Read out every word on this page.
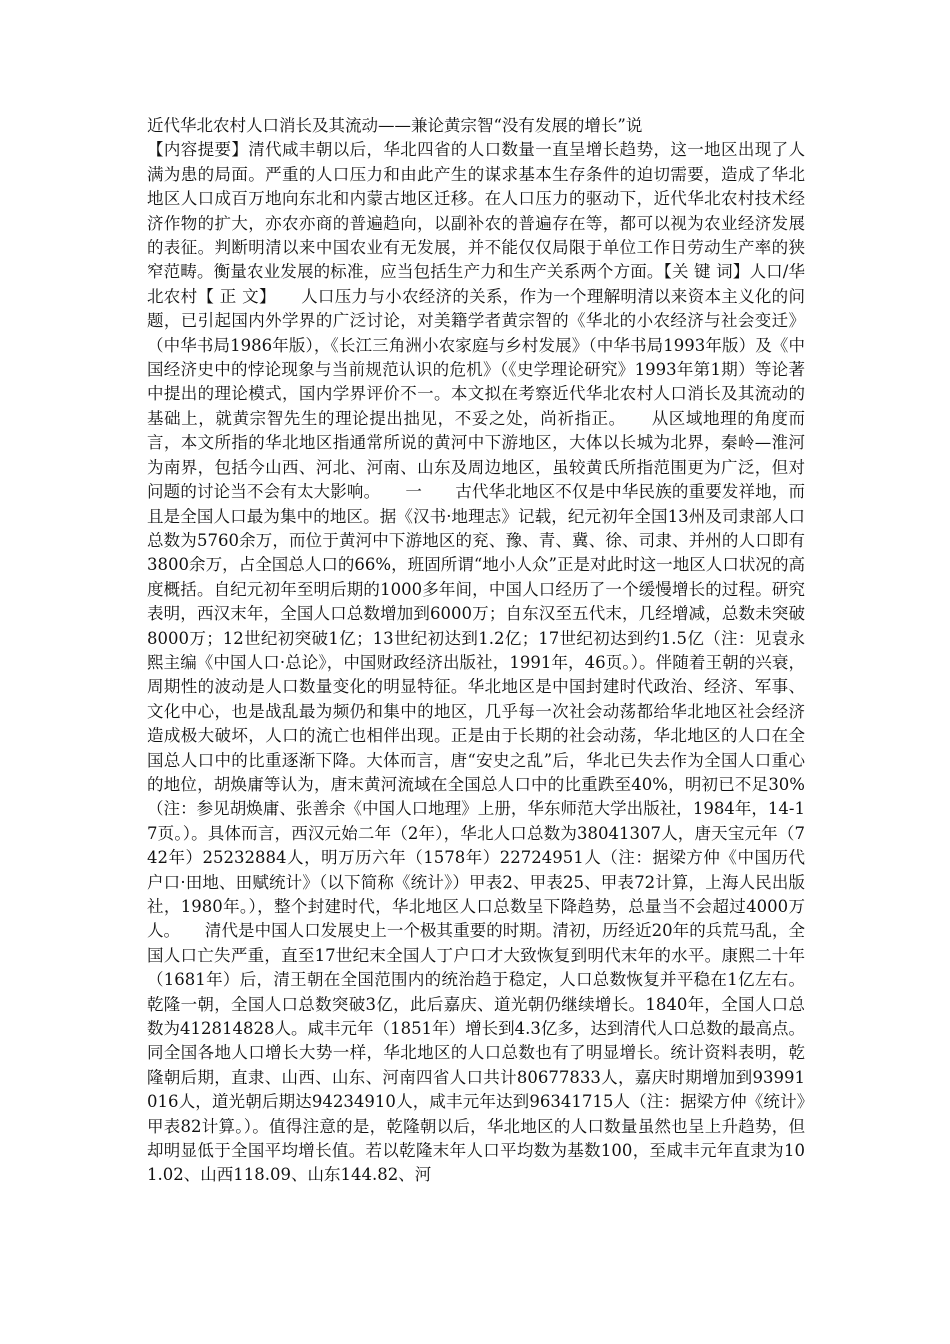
近代华北农村人口消长及其流动——兼论黄宗智“没有发展的增长”说

【内容提要】清代咸丰朝以后，华北四省的人口数量一直呈增长趋势，这一地区出现了人满为患的局面。严重的人口压力和由此产生的谋求基本生存条件的迫切需要，造成了华北地区人口成百万地向东北和内蒙古地区迁移。在人口压力的驱动下，近代华北农村技术经济作物的扩大，亦农亦商的普遍趋向，以副补农的普遍存在等，都可以视为农业经济发展的表征。判断明清以来中国农业有无发展，并不能仅仅局限于单位工作日劳动生产率的狭窄范畴。衡量农业发展的标准，应当包括生产力和生产关系两个方面。【关 键 词】人口/华北农村【 正 文】　　人口压力与小农经济的关系，作为一个理解明清以来资本主义化的问题，已引起国内外学界的广泛讨论，对美籍学者黄宗智的《华北的小农经济与社会变迁》（中华书局1986年版），《长江三角洲小农家庭与乡村发展》（中华书局1993年版）及《中国经济史中的悖论现象与当前规范认识的危机》（《史学理论研究》1993年第1期）等论著中提出的理论模式，国内学界评价不一。本文拟在考察近代华北农村人口消长及其流动的基础上，就黄宗智先生的理论提出拙见，不妥之处，尚祈指正。　　从区域地理的角度而言，本文所指的华北地区指通常所说的黄河中下游地区，大体以长城为北界，秦岭—淮河为南界，包括今山西、河北、河南、山东及周边地区，虽较黄氏所指范围更为广泛，但对问题的讨论当不会有太大影响。　　一　　古代华北地区不仅是中华民族的重要发祥地，而且是全国人口最为集中的地区。据《汉书·地理志》记载，纪元初年全国13州及司隶部人口总数为5760余万，而位于黄河中下游地区的兖、豫、青、冀、徐、司隶、并州的人口即有3800余万，占全国总人口的66%，班固所谓“地小人众”正是对此时这一地区人口状况的高度概括。自纪元初年至明后期的1000多年间，中国人口经历了一个缓慢增长的过程。研究表明，西汉末年，全国人口总数增加到6000万；自东汉至五代末，几经增减，总数未突破8000万；12世纪初突破1亿；13世纪初达到1.2亿；17世纪初达到约1.5亿（注：见袁永熙主编《中国人口·总论》，中国财政经济出版社，1991年，46页。）。伴随着王朝的兴衰，周期性的波动是人口数量变化的明显特征。华北地区是中国封建时代政治、经济、军事、文化中心，也是战乱最为频仍和集中的地区，几乎每一次社会动荡都给华北地区社会经济造成极大破坏，人口的流亡也相伴出现。正是由于长期的社会动荡，华北地区的人口在全国总人口中的比重逐渐下降。大体而言，唐“安史之乱”后，华北已失去作为全国人口重心的地位，胡焕庸等认为，唐末黄河流域在全国总人口中的比重跌至40%，明初已不足30%（注：参见胡焕庸、张善余《中国人口地理》上册，华东师范大学出版社，1984年，14-17页。）。具体而言，西汉元始二年（2年），华北人口总数为38041307人，唐天宝元年（742年）25232884人，明万历六年（1578年）22724951人（注：据梁方仲《中国历代户口·田地、田赋统计》（以下简称《统计》）甲表2、甲表25、甲表72计算，上海人民出版社，1980年。），整个封建时代，华北地区人口总数呈下降趋势，总量当不会超过4000万人。　　清代是中国人口发展史上一个极其重要的时期。清初，历经近20年的兵荒马乱，全国人口亡失严重，直至17世纪末全国人丁户口才大致恢复到明代末年的水平。康熙二十年（1681年）后，清王朝在全国范围内的统治趋于稳定，人口总数恢复并平稳在1亿左右。乾隆一朝，全国人口总数突破3亿，此后嘉庆、道光朝仍继续增长。1840年，全国人口总数为412814828人。咸丰元年（1851年）增长到4.3亿多，达到清代人口总数的最高点。同全国各地人口增长大势一样，华北地区的人口总数也有了明显增长。统计资料表明，乾隆朝后期，直隶、山西、山东、河南四省人口共计80677833人，嘉庆时期增加到93991016人，道光朝后期达94234910人，咸丰元年达到96341715人（注：据梁方仲《统计》甲表82计算。）。值得注意的是，乾隆朝以后，华北地区的人口数量虽然也呈上升趋势，但却明显低于全国平均增长值。若以乾隆末年人口平均数为基数100，至咸丰元年直隶为101.02、山西118.09、山东144.82、河
